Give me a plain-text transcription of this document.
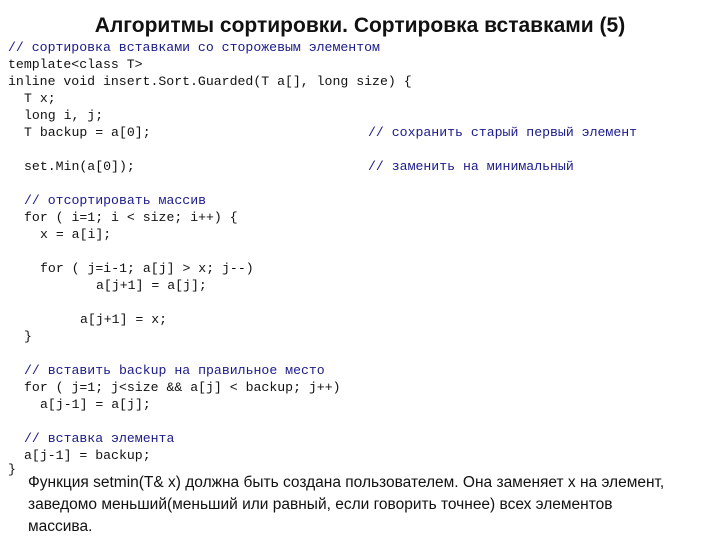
Алгоритмы сортировки. Сортировка вставками (5)
// сортировка вставками со сторожевым элементом
template<class T>
inline void insert.Sort.Guarded(T a[], long size) {
T x;
long i, j;
T backup = a[0];	// сохранить старый первый элемент
set.Min(a[0]);	// заменить на минимальный
// отсортировать массив
for ( i=1; i < size; i++) {
x = a[i];
for ( j=i-1; a[j] > x; j--)
a[j+1] = a[j];
a[j+1] = x;
}
// вставить backup на правильное место
for ( j=1; j<size && a[j] < backup; j++)
a[j-1] = a[j];
// вставка элемента
a[j-1] = backup;
}
Функция setmin(T& x) должна быть создана пользователем. Она заменяет x на элемент,
заведомо меньший(меньший или равный, если говорить точнее) всех элементов
массива.
